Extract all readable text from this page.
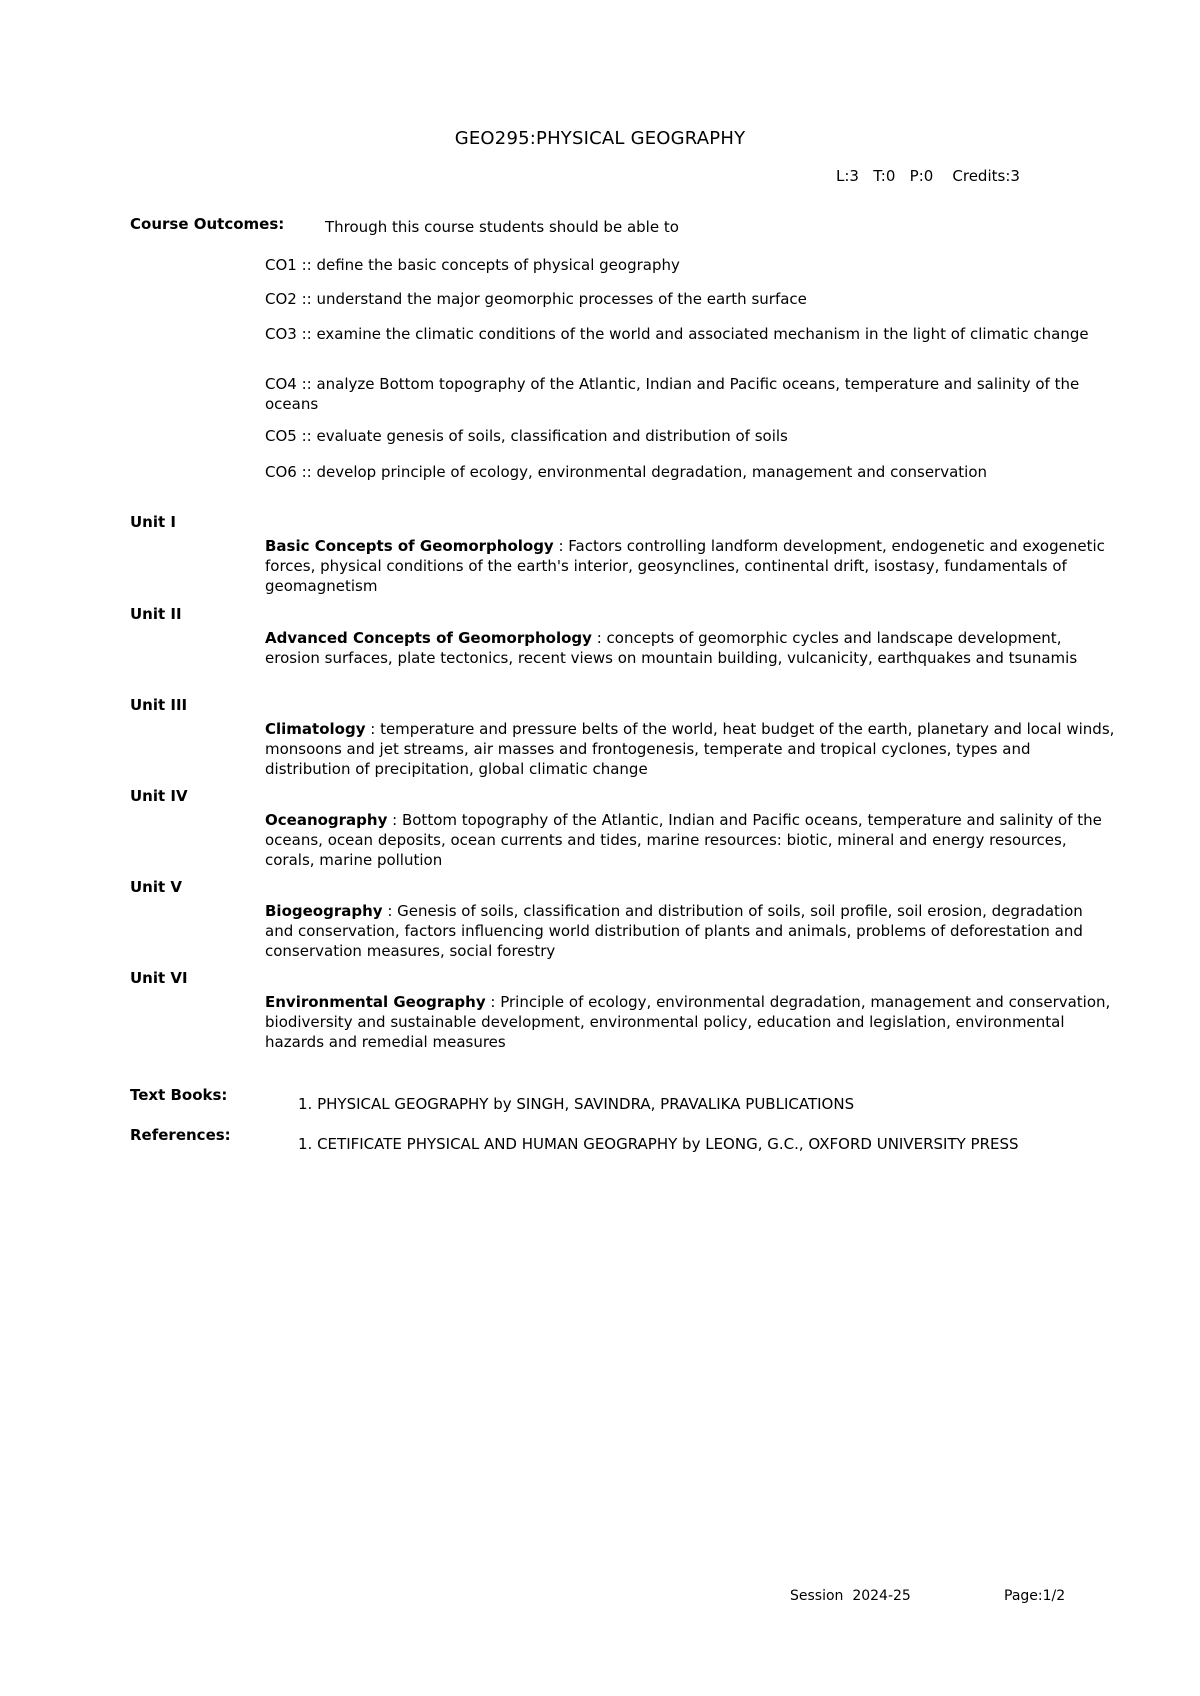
GEO295:PHYSICAL GEOGRAPHY
L:3   T:0   P:0    Credits:3
Course Outcomes:	Through this course students should be able to
CO1 :: define the basic concepts of physical geography
CO2 :: understand the major geomorphic processes of the earth surface
CO3 :: examine the climatic conditions of the world and associated mechanism in the light of climatic change
CO4 :: analyze Bottom topography of the Atlantic, Indian and Pacific oceans, temperature and salinity of the oceans
CO5 :: evaluate genesis of soils, classification and distribution of soils
CO6 :: develop principle of ecology, environmental degradation, management and conservation
Unit I
Basic Concepts of Geomorphology : Factors controlling landform development, endogenetic and exogenetic forces, physical conditions of the earth's interior, geosynclines, continental drift, isostasy, fundamentals of geomagnetism
Unit II
Advanced Concepts of Geomorphology : concepts of geomorphic cycles and landscape development, erosion surfaces, plate tectonics, recent views on mountain building, vulcanicity, earthquakes and tsunamis
Unit III
Climatology : temperature and pressure belts of the world, heat budget of the earth, planetary and local winds, monsoons and jet streams, air masses and frontogenesis, temperate and tropical cyclones, types and distribution of precipitation, global climatic change
Unit IV
Oceanography : Bottom topography of the Atlantic, Indian and Pacific oceans, temperature and salinity of the oceans, ocean deposits, ocean currents and tides, marine resources: biotic, mineral and energy resources, corals, marine pollution
Unit V
Biogeography : Genesis of soils, classification and distribution of soils, soil profile, soil erosion, degradation and conservation, factors influencing world distribution of plants and animals, problems of deforestation and conservation measures, social forestry
Unit VI
Environmental Geography : Principle of ecology, environmental degradation, management and conservation, biodiversity and sustainable development, environmental policy, education and legislation, environmental hazards and remedial measures
Text Books:	1. PHYSICAL GEOGRAPHY by SINGH, SAVINDRA, PRAVALIKA PUBLICATIONS
References:	1. CETIFICATE PHYSICAL AND HUMAN GEOGRAPHY by LEONG, G.C., OXFORD UNIVERSITY PRESS
Session  2024-25	Page:1/2
